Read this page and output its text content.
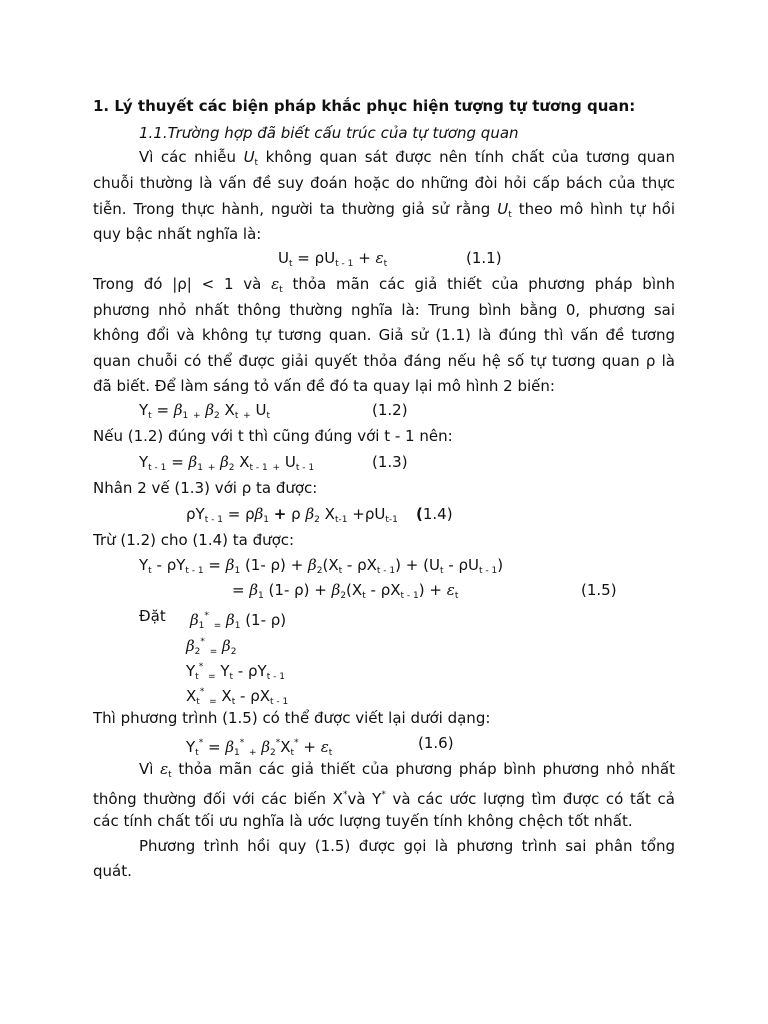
1. Lý thuyết các biện pháp khắc phục hiện tượng tự tương quan:
1.1.Trường hợp đã biết cấu trúc của tự tương quan
Vì các nhiễu $U_t$ không quan sát được nên tính chất của tương quan
chuỗi thường là vấn đề suy đoán hoặc do những đòi hỏi cấp bách của thực
tiễn. Trong thực hành, người ta thường giả sử rằng $U_t$ theo mô hình tự hồi
quy bậc nhất nghĩa là:
$U_t = \rho U_{t - 1} + \varepsilon_t$	(1.1)
Trong đó |ρ| < 1 và $\varepsilon_t$ thỏa mãn các giả thiết của phương pháp bình
phương nhỏ nhất thông thường nghĩa là: Trung bình bằng 0, phương sai
không đổi và không tự tương quan. Giả sử (1.1) là đúng thì vấn đề tương
quan chuỗi có thể được giải quyết thỏa đáng nếu hệ số tự tương quan ρ là
đã biết. Để làm sáng tỏ vấn đề đó ta quay lại mô hình 2 biến:
$Y_t = \beta_1$ $_+$ $\beta_2$ $X_t$ $_+$ $U_t$	(1.2)
Nếu (1.2) đúng với t thì cũng đúng với t - 1 nên:
$Y_{t - 1} = \beta_1$ $_+$ $\beta_2$ $X_{t - 1}$ $_+$ $U_{t - 1}$	(1.3)
Nhân 2 vế (1.3) với ρ ta được:
$\rho Y_{t - 1} = \rho\beta_1 + \rho$ $\beta_2$ $X_{t-1} +\rho U_{t-1}$ (1.4)
Trừ (1.2) cho (1.4) ta được:
$Y_t - \rho Y_{t - 1} = \beta_1$ (1- $\rho) + \beta_2(X_t - \rho X_{t - 1}) + (U_t - \rho U_{t - 1})$
= $\beta_1$ (1- $\rho) + \beta_2(X_t - \rho X_{t - 1}) + \varepsilon_t$	(1.5)
Đặt $\beta_1^*$ $_=$ $\beta_1$ (1- ρ)
$\beta_2^*$ $_=$ $\beta_2$
$Y_t^*$ $_=$ $Y_t - \rho Y_{t - 1}$
$X_t^*$ $_=$ $X_t - \rho X_{t - 1}$
Thì phương trình (1.5) có thể được viết lại dưới dạng:
$Y_t^* = \beta_1^*$ $_+$ $\beta_2^*X_t^* + \varepsilon_t$
(1.6)
Vì $\varepsilon_t$ thỏa mãn các giả thiết của phương pháp bình phương nhỏ nhất
thông thường đối với các biến X*và Y* và các ước lượng tìm được có tất cả
các tính chất tối ưu nghĩa là ước lượng tuyến tính không chệch tốt nhất.
Phương trình hồi quy (1.5) được gọi là phương trình sai phân tổng
quát.
